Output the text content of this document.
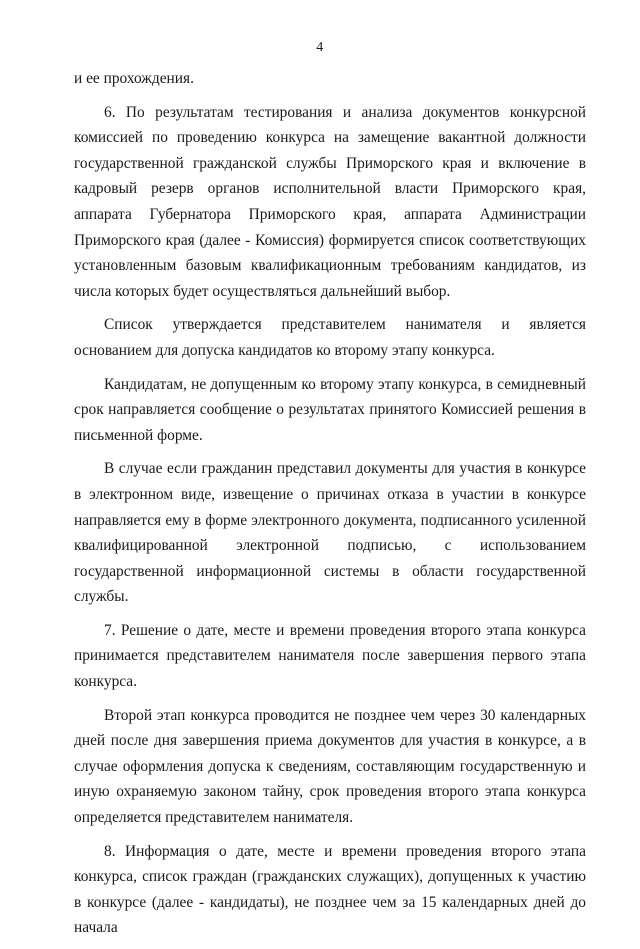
4

и ее прохождения.

6. По результатам тестирования и анализа документов конкурсной комиссией по проведению конкурса на замещение вакантной должности государственной гражданской службы Приморского края и включение в кадровый резерв органов исполнительной власти Приморского края, аппарата Губернатора Приморского края, аппарата Администрации Приморского края (далее - Комиссия) формируется список соответствующих установленным базовым квалификационным требованиям кандидатов, из числа которых будет осуществляться дальнейший выбор.

Список утверждается представителем нанимателя и является основанием для допуска кандидатов ко второму этапу конкурса.

Кандидатам, не допущенным ко второму этапу конкурса, в семидневный срок направляется сообщение о результатах принятого Комиссией решения в письменной форме.

В случае если гражданин представил документы для участия в конкурсе в электронном виде, извещение о причинах отказа в участии в конкурсе направляется ему в форме электронного документа, подписанного усиленной квалифицированной электронной подписью, с использованием государственной информационной системы в области государственной службы.

7. Решение о дате, месте и времени проведения второго этапа конкурса принимается представителем нанимателя после завершения первого этапа конкурса.

Второй этап конкурса проводится не позднее чем через 30 календарных дней после дня завершения приема документов для участия в конкурсе, а в случае оформления допуска к сведениям, составляющим государственную и иную охраняемую законом тайну, срок проведения второго этапа конкурса определяется представителем нанимателя.

8. Информация о дате, месте и времени проведения второго этапа конкурса, список граждан (гражданских служащих), допущенных к участию в конкурсе (далее - кандидаты), не позднее чем за 15 календарных дней до начала
